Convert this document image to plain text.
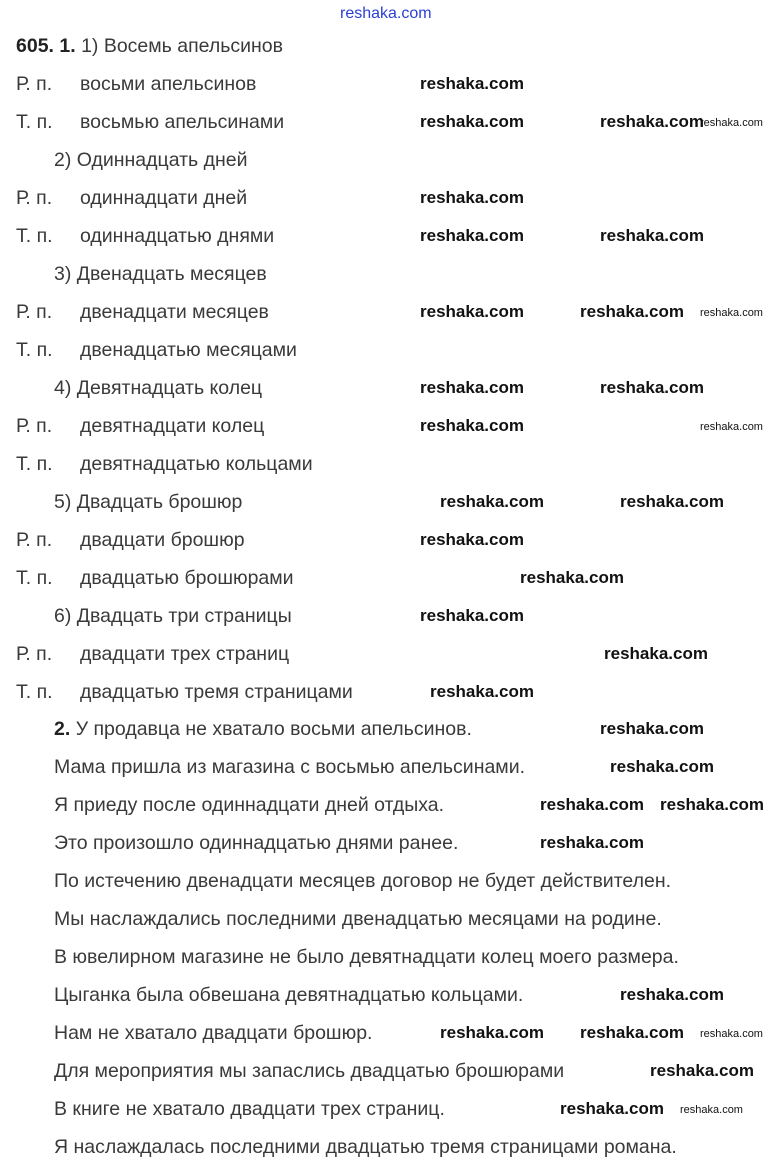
605. 1. 1) Восемь апельсинов
2. У продавца не хватало восьми апельсинов.
Р. п. восьми апельсинов
Т. п. восьмью апельсинами
2) Одиннадцать дней
Р. п. одиннадцати дней
Т. п. одиннадцатью днями
3) Двенадцать месяцев
Р. п. двенадцати месяцев
Т. п. двенадцатью месяцами
4) Девятнадцать колец
Р. п. девятнадцати колец
Т. п. девятнадцатью кольцами
5) Двадцать брошюр
Р. п. двадцати брошюр
Т. п. двадцатью брошюрами
6) Двадцать три страницы
Р. п. двадцати трех страниц
Т. п. двадцатью тремя страницами
Мама пришла из магазина с восьмью апельсинами.
Я приеду после одиннадцати дней отдыха.
Это произошло одиннадцатью днями ранее.
По истечению двенадцати месяцев договор не будет действителен.
Мы наслаждались последними двенадцатью месяцами на родине.
В ювелирном магазине не было девятнадцати колец моего размера.
Цыганка была обвешана девятнадцатью кольцами.
Нам не хватало двадцати брошюр.
Для мероприятия мы запаслись двадцатью брошюрами
В книге не хватало двадцати трех страниц.
Я наслаждалась последними двадцатью тремя страницами романа.
reshaka.com
reshaka.com
reshaka.com	reshaka.com
reshaka.com
reshaka.com
reshaka.com	reshaka.com
reshaka.com	reshaka.com reshaka.com
reshaka.com	reshaka.com
reshaka.com	reshaka.com
reshaka.com	reshaka.com
reshaka.com
reshaka.com
reshaka.com
reshaka.com
reshaka.com
reshaka.com
reshaka.com
reshaka.com reshaka.com
reshaka.com
reshaka.com
reshaka.com reshaka.com reshaka.com
reshaka.com
reshaka.com reshaka.com
